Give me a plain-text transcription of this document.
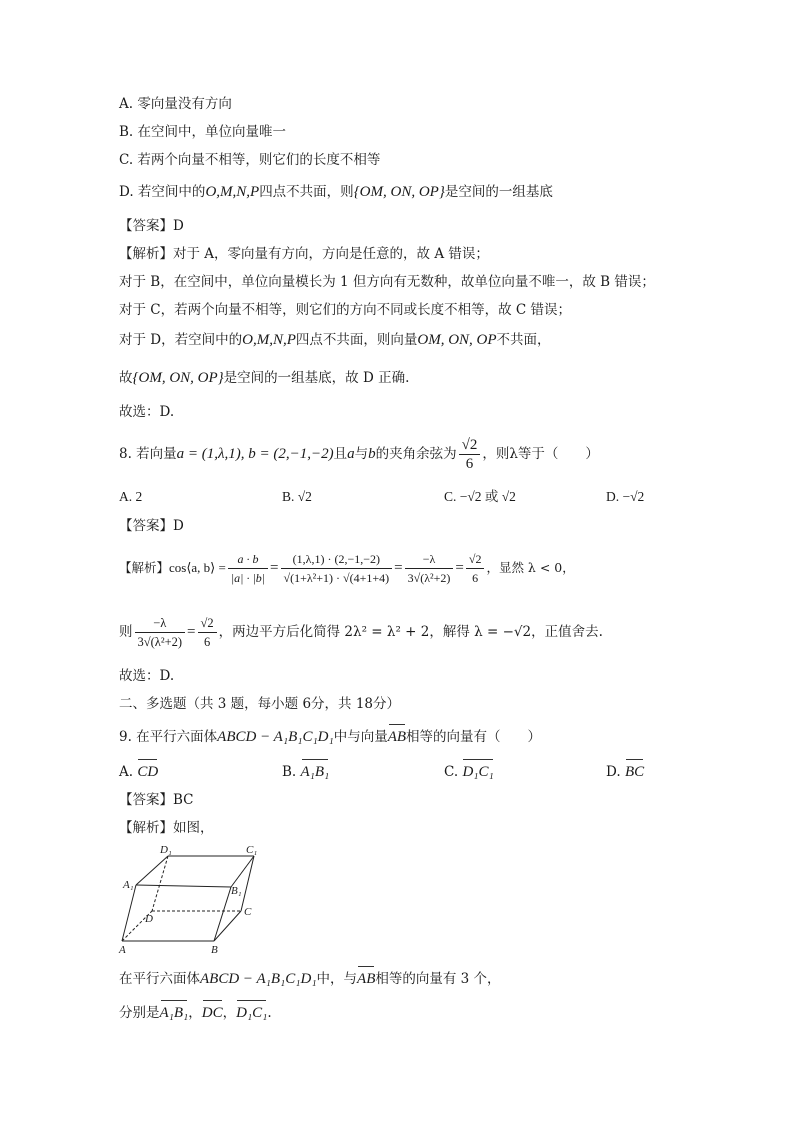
A. 零向量没有方向
B. 在空间中，单位向量唯一
C. 若两个向量不相等，则它们的长度不相等
D. 若空间中的O,M,N,P四点不共面，则{OM, ON, OP}是空间的一组基底
【答案】D
【解析】对于 A，零向量有方向，方向是任意的，故 A 错误；
对于 B，在空间中，单位向量模长为 1 但方向有无数种，故单位向量不唯一，故 B 错误；
对于 C，若两个向量不相等，则它们的方向不同或长度不相等，故 C 错误；
对于 D，若空间中的O,M,N,P四点不共面，则向量OM, ON, OP不共面，
故{OM, ON, OP}是空间的一组基底，故 D 正确.
故选：D.
8. 若向量a = (1,λ,1), b = (2,−1,−2)且a与b的夹角余弦为 $\frac{√2}{6}$ ，则λ等于（　　）
A. 2	B. √2	C. −√2 或 √2	D. −√2
【答案】D
【解析】cos⟨a, b⟩ = $\frac{a \cdot b}{|a| \cdot |b|} = \frac{(1,\lambda,1) \cdot (2,-1,-2)}{\text{√(1+λ²+1) · √(4+1+4)}} = \frac{-\lambda}{\text{3√(λ²+2)}} = \frac{√2}{6}$ ，显然 λ < 0，
则 $\frac{-\lambda}{\text{3√(λ²+2)}} = \frac{√2}{6}$ ，两边平方后化简得 2λ² = λ² + 2，解得 λ = −√2，正值舍去.
故选：D.
二、多选题（共 3 题，每小题 6分，共 18分）
9. 在平行六面体ABCD − A₁B₁C₁D₁中与向量AB相等的向量有（　　）
A. CD	B. A₁B₁	C. D₁C₁	D. BC
【答案】BC
【解析】如图，
D₁	C₁
A₁	B₁
D
C
A	B
在平行六面体ABCD − A₁B₁C₁D₁中，与AB相等的向量有 3 个，
分别是A₁B₁，DC，D₁C₁.
